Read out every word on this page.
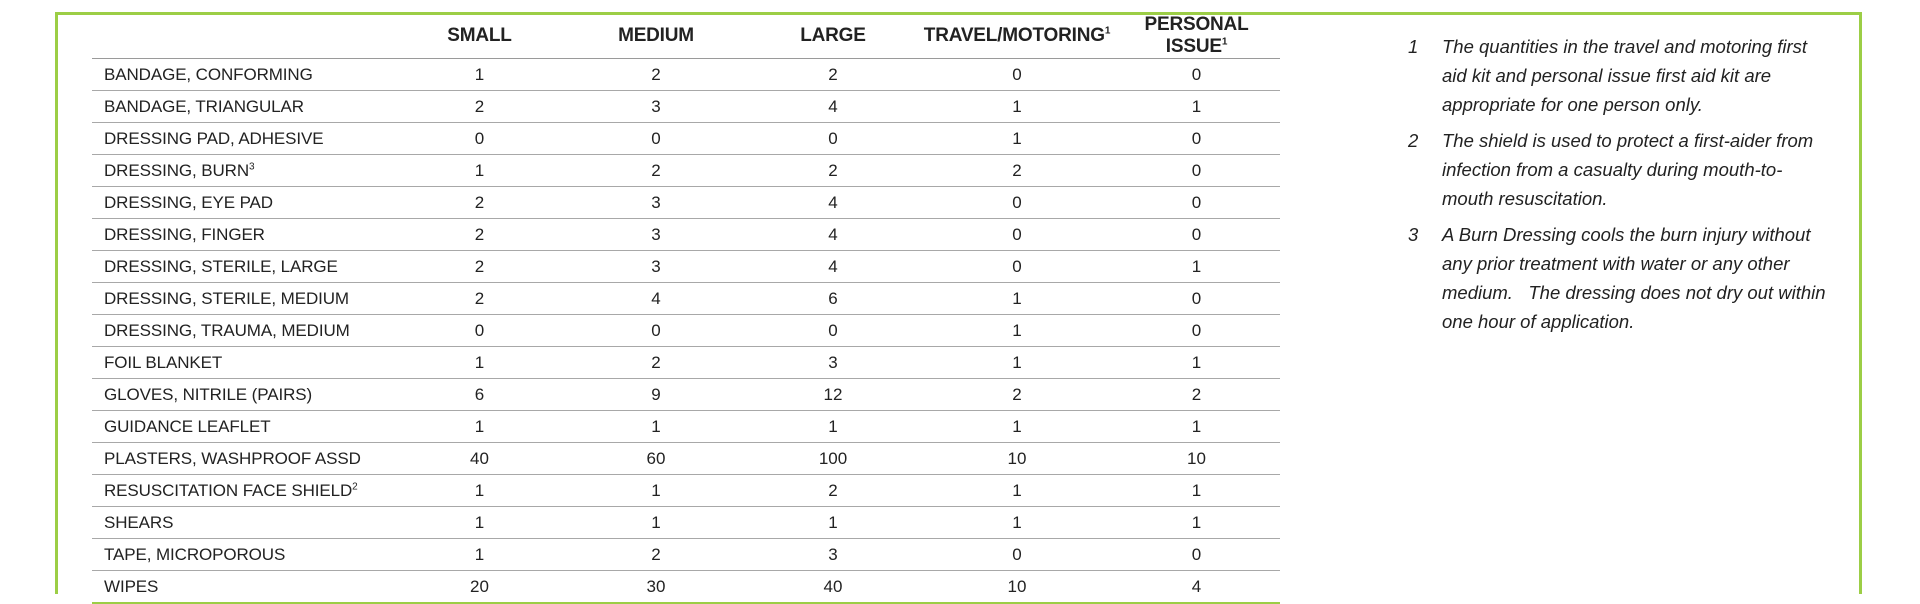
	SMALL	MEDIUM	LARGE	TRAVEL/MOTORING$^1$	PERSONAL ISSUE$^1$
BANDAGE, CONFORMING	1	2	2	0	0
BANDAGE, TRIANGULAR	2	3	4	1	1
DRESSING PAD, ADHESIVE	0	0	0	1	0
DRESSING, BURN$^3$	1	2	2	2	0
DRESSING, EYE PAD	2	3	4	0	0
DRESSING, FINGER	2	3	4	0	0
DRESSING, STERILE, LARGE	2	3	4	0	1
DRESSING, STERILE, MEDIUM	2	4	6	1	0
DRESSING, TRAUMA, MEDIUM	0	0	0	1	0
FOIL BLANKET	1	2	3	1	1
GLOVES, NITRILE (PAIRS)	6	9	12	2	2
GUIDANCE LEAFLET	1	1	1	1	1
PLASTERS, WASHPROOF ASSD	40	60	100	10	10
RESUSCITATION FACE SHIELD$^2$	1	1	2	1	1
SHEARS	1	1	1	1	1
TAPE, MICROPOROUS	1	2	3	0	0
WIPES	20	30	40	10	4
1	The quantities in the travel and motoring first aid kit and personal issue first aid kit are appropriate for one person only.
2	The shield is used to protect a first-aider from infection from a casualty during mouth-to-mouth resuscitation.
3	A Burn Dressing cools the burn injury without any prior treatment with water or any other medium.   The dressing does not dry out within one hour of application.
